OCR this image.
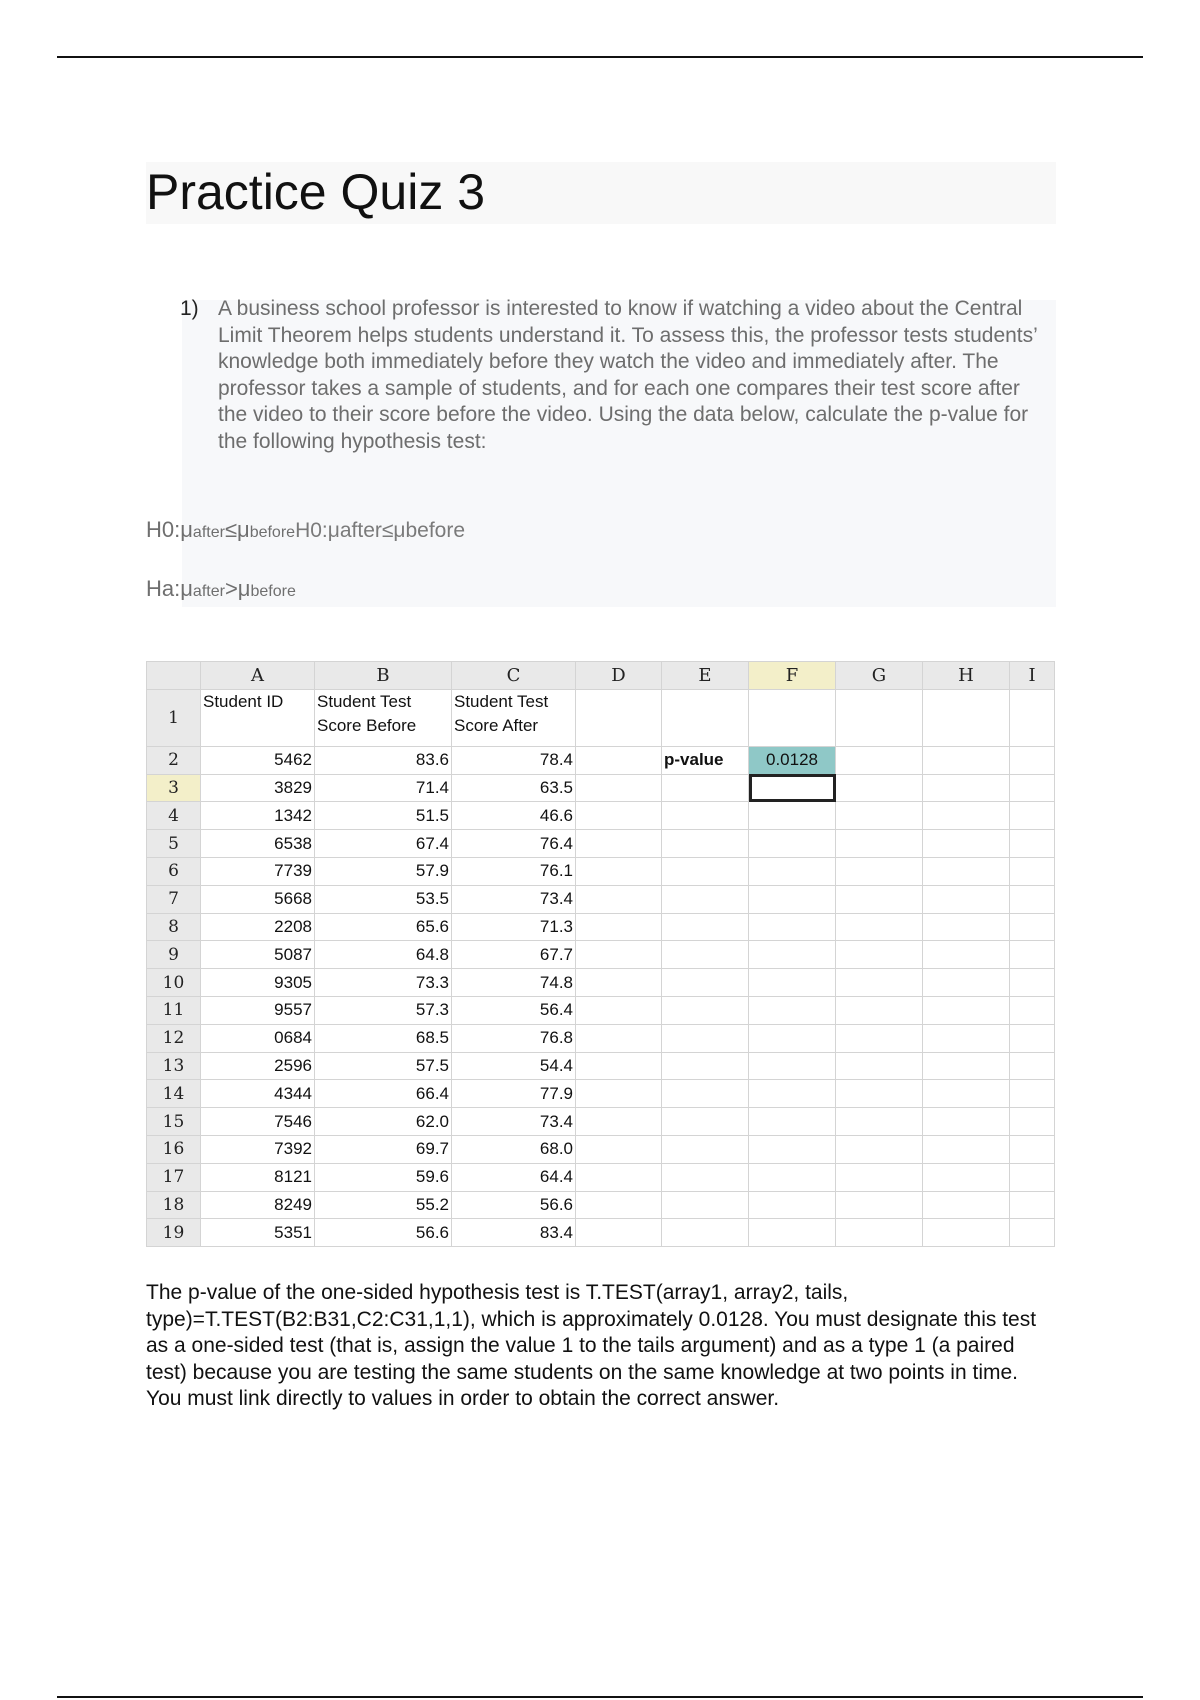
Practice Quiz 3
1) A business school professor is interested to know if watching a video about the Central Limit Theorem helps students understand it. To assess this, the professor tests students’ knowledge both immediately before they watch the video and immediately after. The professor takes a sample of students, and for each one compares their test score after the video to their score before the video. Using the data below, calculate the p-value for the following hypothesis test:
H0:μafter≤μbeforeH0:μafter≤μbefore
Ha:μafter>μbefore
	A	B	C	D	E	F	G	H	I
1	Student ID	Student Test Score Before	Student Test Score After						
2	5462	83.6	78.4		p-value	0.0128			
3	3829	71.4	63.5						
4	1342	51.5	46.6						
5	6538	67.4	76.4						
6	7739	57.9	76.1						
7	5668	53.5	73.4						
8	2208	65.6	71.3						
9	5087	64.8	67.7						
10	9305	73.3	74.8						
11	9557	57.3	56.4						
12	0684	68.5	76.8						
13	2596	57.5	54.4						
14	4344	66.4	77.9						
15	7546	62.0	73.4						
16	7392	69.7	68.0						
17	8121	59.6	64.4						
18	8249	55.2	56.6						
19	5351	56.6	83.4						

The p-value of the one-sided hypothesis test is T.TEST(array1, array2, tails, type)=T.TEST(B2:B31,C2:C31,1,1), which is approximately 0.0128. You must designate this test as a one-sided test (that is, assign the value 1 to the tails argument) and as a type 1 (a paired test) because you are testing the same students on the same knowledge at two points in time. You must link directly to values in order to obtain the correct answer.
